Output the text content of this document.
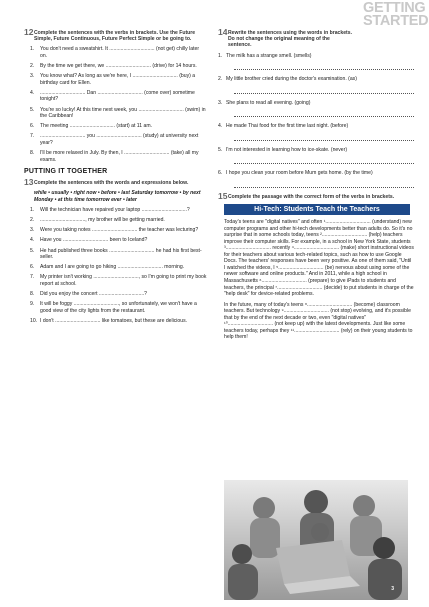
GETTING
STARTED
12 Complete the sentences with the verbs in brackets. Use the Future Simple, Future Continuous, Future Perfect Simple or be going to.
1. You don't need a sweatshirt. It ................................ (not get) chilly later on.
2. By the time we get there, we ................................ (drive) for 14 hours.
3. You know what? As long as we're here, I ................................ (buy) a birthday card for Ellen.
4. ................................ Dan ................................ (come over) sometime tonight?
5. You're so lucky! At this time next week, you ................................ (swim) in the Caribbean!
6. The meeting ................................ (start) at 11 am.
7. ................................ you ................................ (study) at university next year?
8. I'll be more relaxed in July. By then, I ................................ (take) all my exams.
PUTTING IT TOGETHER
13 Complete the sentences with the words and expressions below.
while • usually • right now • before • last Saturday tomorrow • by next Monday • at this time tomorrow ever • later
1. Will the technician have repaired your laptop ................................?
2. ................................, my brother will be getting married.
3. Were you taking notes ................................ the teacher was lecturing?
4. Have you ................................ been to Iceland?
5. He had published three books ................................ he had his first best-seller.
6. Adam and I are going to go hiking ................................ morning.
7. My printer isn't working ................................, so I'm going to print my book report at school.
8. Did you enjoy the concert ................................?
9. It will be foggy ................................, so unfortunately, we won't have a good view of the city lights from the restaurant.
10. I don't ................................ like tomatoes, but these are delicious.
14 Rewrite the sentences using the words in brackets. Do not change the original meaning of the sentence.
1. The milk has a strange smell. (smells)
2. My little brother cried during the doctor's examination. (as)
3. She plans to read all evening. (going)
4. He made Thai food for the first time last night. (before)
5. I'm not interested in learning how to ice-skate. (never)
6. I hope you clean your room before Mum gets home. (by the time)
15 Complete the passage with the correct form of the verbs in brackets.
Hi-Tech: Students Teach the Teachers

Today's teens are "digital natives" and often ¹................................ (understand) new computer programs and other hi-tech developments better than adults do. So it's no surprise that in some schools today, teens ²................................ (help) teachers improve their computer skills. For example, in a school in New York State, students ³................................ recently ⁴................................ (make) short instructional videos for their teachers about various tech-related topics, such as how to use Google Docs. The teachers' responses have been very positive. As one of them said, "Until I watched the videos, I ⁵................................ (be) nervous about using some of the newer software and online products." And in 2011, while a high school in Massachusetts ⁶................................ (prepare) to give iPads to students and teachers, the principal ⁷................................ (decide) to put students in charge of the "help desk" for device-related problems.

In the future, many of today's teens ⁸................................ (become) classroom teachers. But technology ⁹................................ (not stop) evolving, and it's possible that by the end of the next decade or two, even "digital natives" ¹⁰................................ (not keep up) with the latest developments. Just like some teachers today, perhaps they ¹¹................................ (rely) on their young students to help them!

3
